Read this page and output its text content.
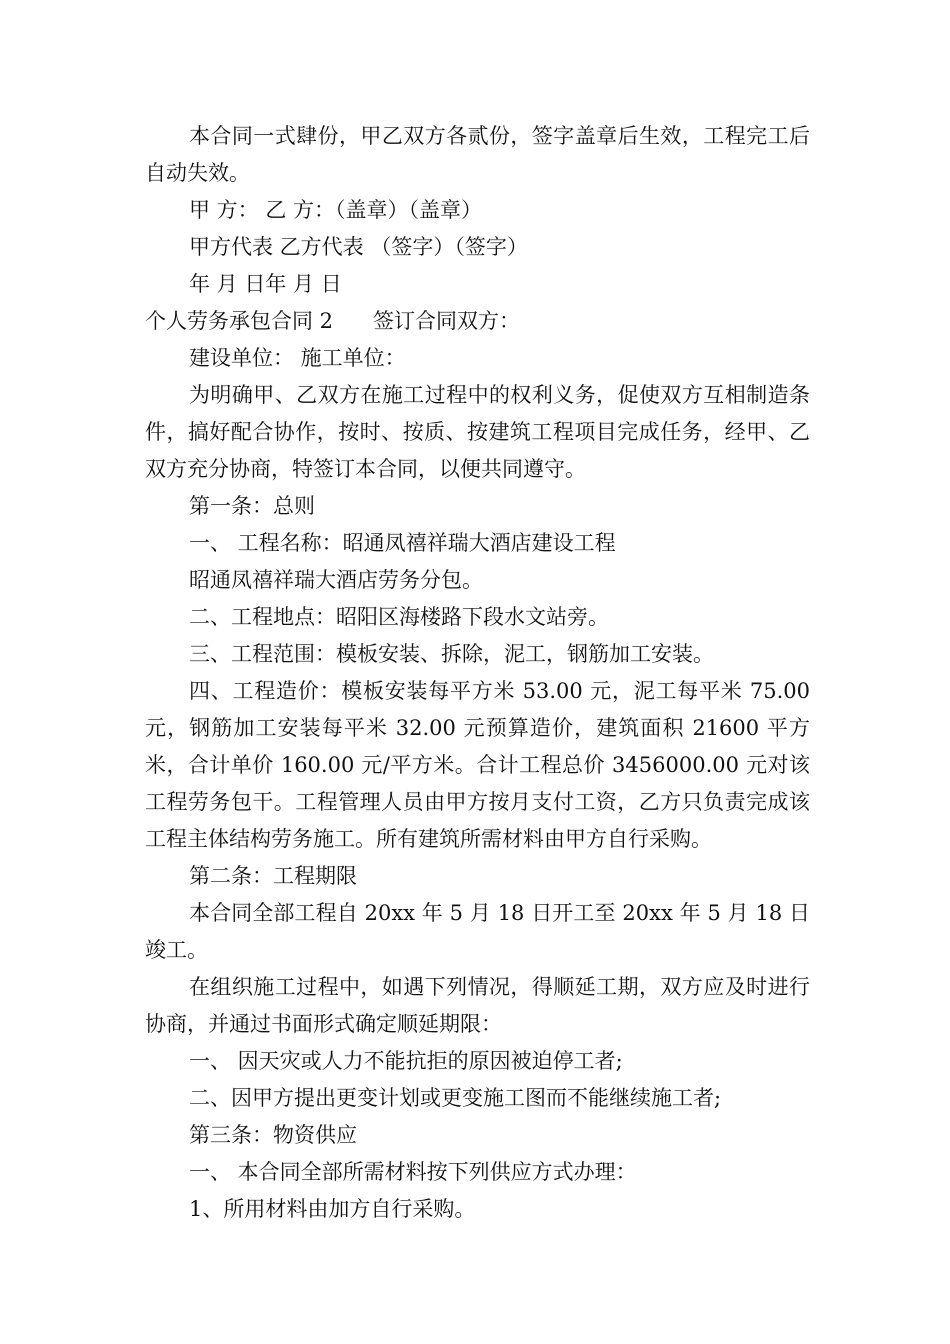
本合同一式肆份，甲乙双方各贰份，签字盖章后生效，工程完工后自动失效。

甲 方： 乙 方：（盖章）（盖章）

甲方代表 乙方代表 （签字）（签字）

年 月 日年 月 日

个人劳务承包合同 2 签订合同双方：

建设单位： 施工单位：

为明确甲、乙双方在施工过程中的权利义务，促使双方互相制造条件，搞好配合协作，按时、按质、按建筑工程项目完成任务，经甲、乙双方充分协商，特签订本合同，以便共同遵守。

第一条：总则

一、 工程名称：昭通凤禧祥瑞大酒店建设工程

昭通凤禧祥瑞大酒店劳务分包。

二、工程地点：昭阳区海楼路下段水文站旁。

三、工程范围：模板安装、拆除，泥工，钢筋加工安装。

四、工程造价：模板安装每平方米 53.00 元，泥工每平米 75.00 元，钢筋加工安装每平米 32.00 元预算造价，建筑面积 21600 平方米，合计单价 160.00 元/平方米。合计工程总价 3456000.00 元对该工程劳务包干。工程管理人员由甲方按月支付工资，乙方只负责完成该工程主体结构劳务施工。所有建筑所需材料由甲方自行采购。

第二条：工程期限

本合同全部工程自 20xx 年 5 月 18 日开工至 20xx 年 5 月 18 日竣工。

在组织施工过程中，如遇下列情况，得顺延工期，双方应及时进行协商，并通过书面形式确定顺延期限：

一、 因天灾或人力不能抗拒的原因被迫停工者;

二、因甲方提出更变计划或更变施工图而不能继续施工者;

第三条：物资供应

一、 本合同全部所需材料按下列供应方式办理：

1、所用材料由加方自行采购。
